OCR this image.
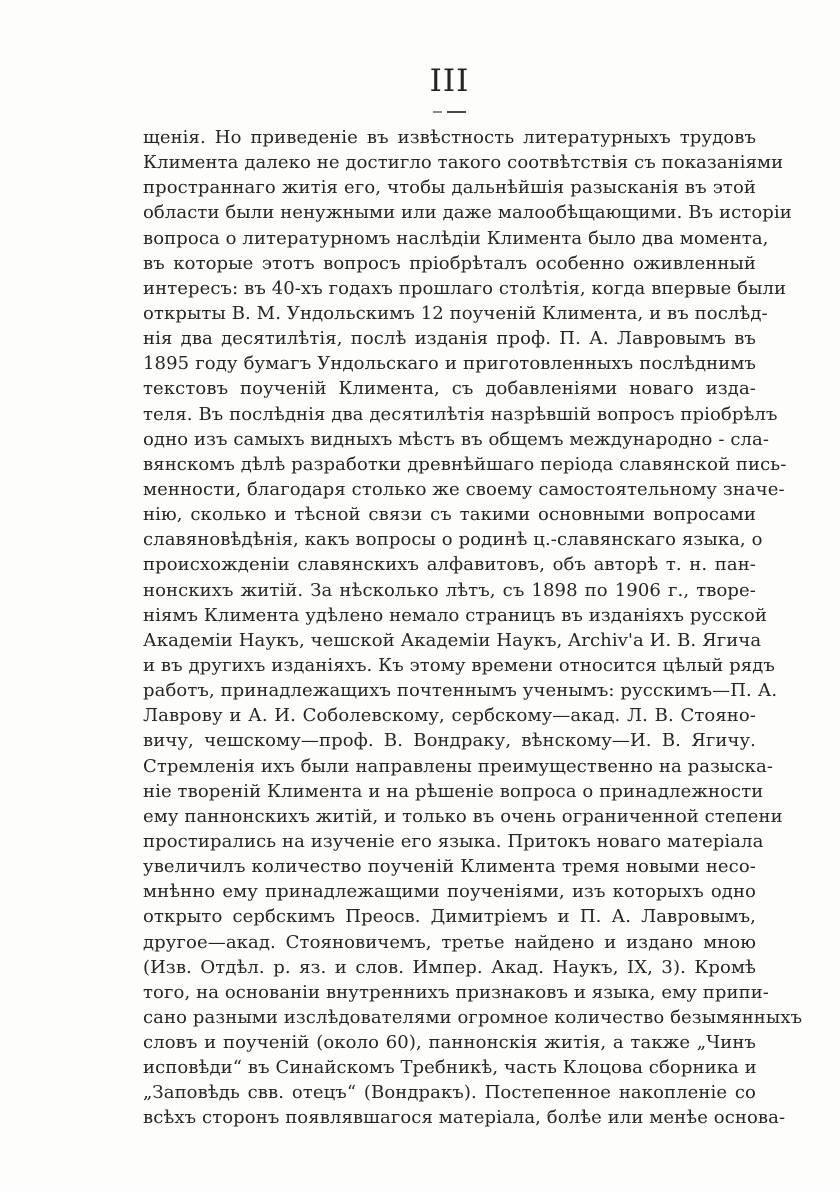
III
щенія. Но приведеніе въ извѣстность литературныхъ трудовъ
Климента далеко не достигло такого соотвѣтствія съ показаніями
пространнаго житія его, чтобы дальнѣйшія разысканія въ этой
области были ненужными или даже малообѣщающими. Въ исторіи
вопроса о литературномъ наслѣдіи Климента было два момента,
въ которые этотъ вопросъ пріобрѣталъ особенно оживленный
интересъ: въ 40-хъ годахъ прошлаго столѣтія, когда впервые были
открыты В. М. Ундольскимъ 12 поученій Климента, и въ послѣд-
нія два десятилѣтія, послѣ изданія проф. П. А. Лавровымъ въ
1895 году бумагъ Ундольскаго и приготовленныхъ послѣднимъ
текстовъ поученій Климента, съ добавленіями новаго изда-
теля. Въ послѣднія два десятилѣтія назрѣвшій вопросъ пріобрѣлъ
одно изъ самыхъ видныхъ мѣстъ въ общемъ международно - сла-
вянскомъ дѣлѣ разработки древнѣйшаго періода славянской пись-
менности, благодаря столько же своему самостоятельному значе-
нію, сколько и тѣсной связи съ такими основными вопросами
славяновѣдѣнія, какъ вопросы о родинѣ ц.-славянскаго языка, о
происхожденіи славянскихъ алфавитовъ, объ авторѣ т. н. пан-
нонскихъ житій. За нѣсколько лѣтъ, съ 1898 по 1906 г., творе-
ніямъ Климента удѣлено немало страницъ въ изданіяхъ русской
Академіи Наукъ, чешской Академіи Наукъ, Archiv'а И. В. Ягича
и въ другихъ изданіяхъ. Къ этому времени относится цѣлый рядъ
работъ, принадлежащихъ почтеннымъ ученымъ: русскимъ—П. А.
Лаврову и А. И. Соболевскому, сербскому—акад. Л. В. Стояно-
вичу, чешскому—проф. В. Вондраку, вѣнскому—И. В. Ягичу.
Стремленія ихъ были направлены преимущественно на разыска-
ніе твореній Климента и на рѣшеніе вопроса о принадлежности
ему паннонскихъ житій, и только въ очень ограниченной степени
простирались на изученіе его языка. Притокъ новаго матеріала
увеличилъ количество поученій Климента тремя новыми несо-
мнѣнно ему принадлежащими поученіями, изъ которыхъ одно
открыто сербскимъ Преосв. Димитріемъ и П. А. Лавровымъ,
другое—акад. Стояновичемъ, третье найдено и издано мною
(Изв. Отдѣл. р. яз. и слов. Импер. Акад. Наукъ, IX, 3). Кромѣ
того, на основаніи внутреннихъ признаковъ и языка, ему припи-
сано разными изслѣдователями огромное количество безымянныхъ
словъ и поученій (около 60), паннонскія житія, а также „Чинъ
исповѣди“ въ Синайскомъ Требникѣ, часть Клоцова сборника и
„Заповѣдь свв. отецъ“ (Вондракъ). Постепенное накопленіе со
всѣхъ сторонъ появлявшагося матеріала, болѣе или менѣе основа-
